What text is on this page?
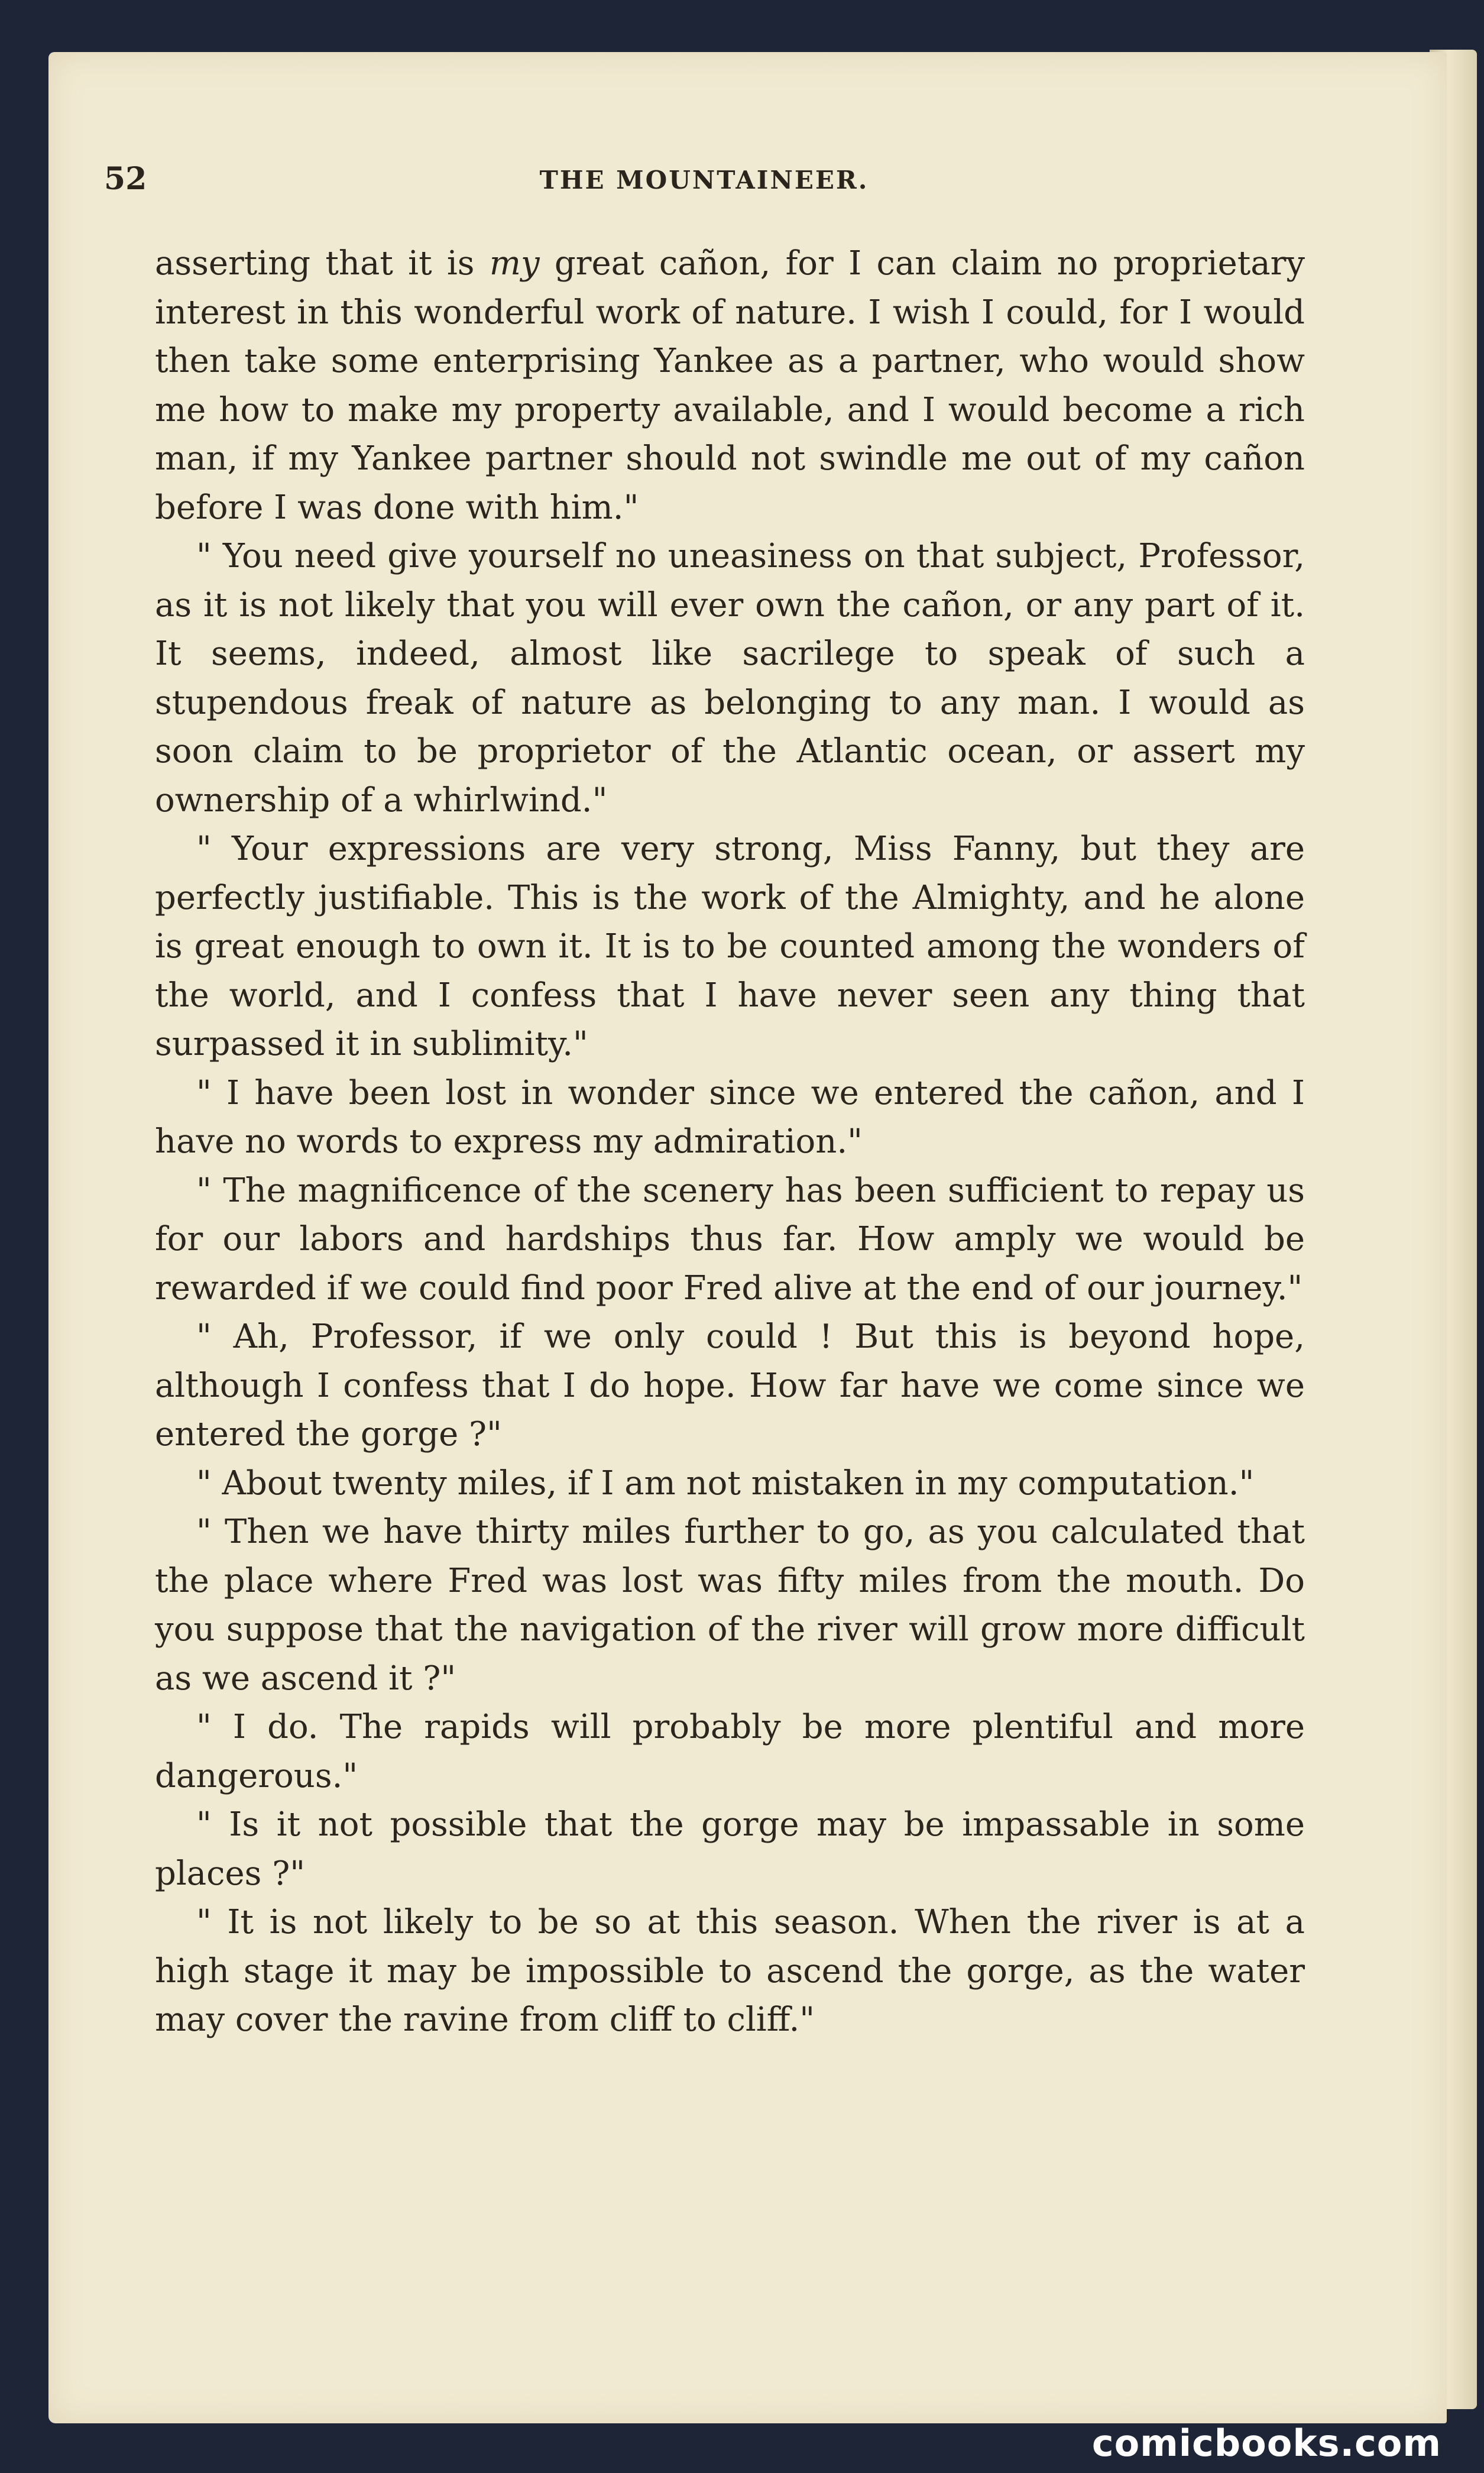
52	THE MOUNTAINEER.

asserting that it is my great cañon, for I can claim no proprietary interest in this wonderful work of nature. I wish I could, for I would then take some enterprising Yankee as a partner, who would show me how to make my property available, and I would become a rich man, if my Yankee partner should not swindle me out of my cañon before I was done with him."

" You need give yourself no uneasiness on that subject, Professor, as it is not likely that you will ever own the cañon, or any part of it. It seems, indeed, almost like sacrilege to speak of such a stupendous freak of nature as belonging to any man. I would as soon claim to be proprietor of the Atlantic ocean, or assert my ownership of a whirlwind."

" Your expressions are very strong, Miss Fanny, but they are perfectly justifiable. This is the work of the Almighty, and he alone is great enough to own it. It is to be counted among the wonders of the world, and I confess that I have never seen any thing that surpassed it in sublimity."

" I have been lost in wonder since we entered the cañon, and I have no words to express my admiration."

" The magnificence of the scenery has been sufficient to repay us for our labors and hardships thus far. How amply we would be rewarded if we could find poor Fred alive at the end of our journey."

" Ah, Professor, if we only could ! But this is beyond hope, although I confess that I do hope. How far have we come since we entered the gorge ?"

" About twenty miles, if I am not mistaken in my computation."

" Then we have thirty miles further to go, as you calculated that the place where Fred was lost was fifty miles from the mouth. Do you suppose that the navigation of the river will grow more difficult as we ascend it ?"

" I do. The rapids will probably be more plentiful and more dangerous."

" Is it not possible that the gorge may be impassable in some places ?"

" It is not likely to be so at this season. When the river is at a high stage it may be impossible to ascend the gorge, as the water may cover the ravine from cliff to cliff."

comicbooks.com
